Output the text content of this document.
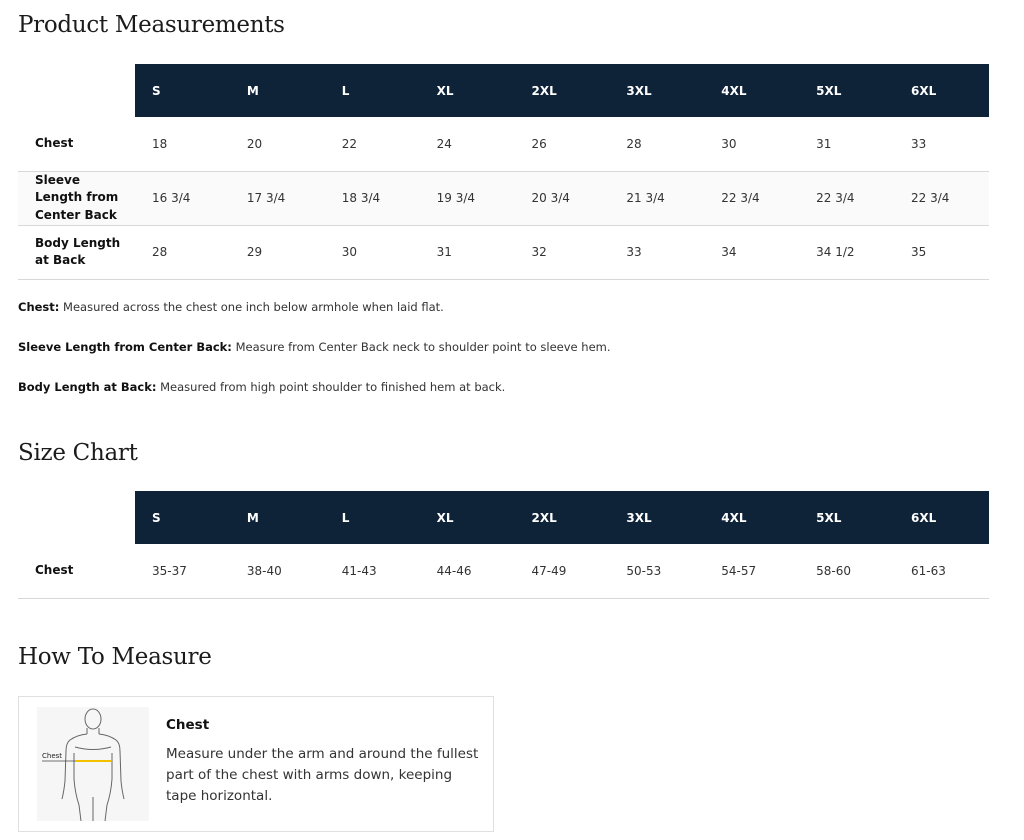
Product Measurements
	S	M	L	XL	2XL	3XL	4XL	5XL	6XL
Chest	18	20	22	24	26	28	30	31	33
Sleeve Length from Center Back	16 3/4	17 3/4	18 3/4	19 3/4	20 3/4	21 3/4	22 3/4	22 3/4	22 3/4
Body Length at Back	28	29	30	31	32	33	34	34 1/2	35

Chest: Measured across the chest one inch below armhole when laid flat.

Sleeve Length from Center Back: Measure from Center Back neck to shoulder point to sleeve hem.

Body Length at Back: Measured from high point shoulder to finished hem at back.

Size Chart
	S	M	L	XL	2XL	3XL	4XL	5XL	6XL
Chest	35-37	38-40	41-43	44-46	47-49	50-53	54-57	58-60	61-63
How To Measure
Chest
Chest
Measure under the arm and around the fullest part of the chest with arms down, keeping tape horizontal.
